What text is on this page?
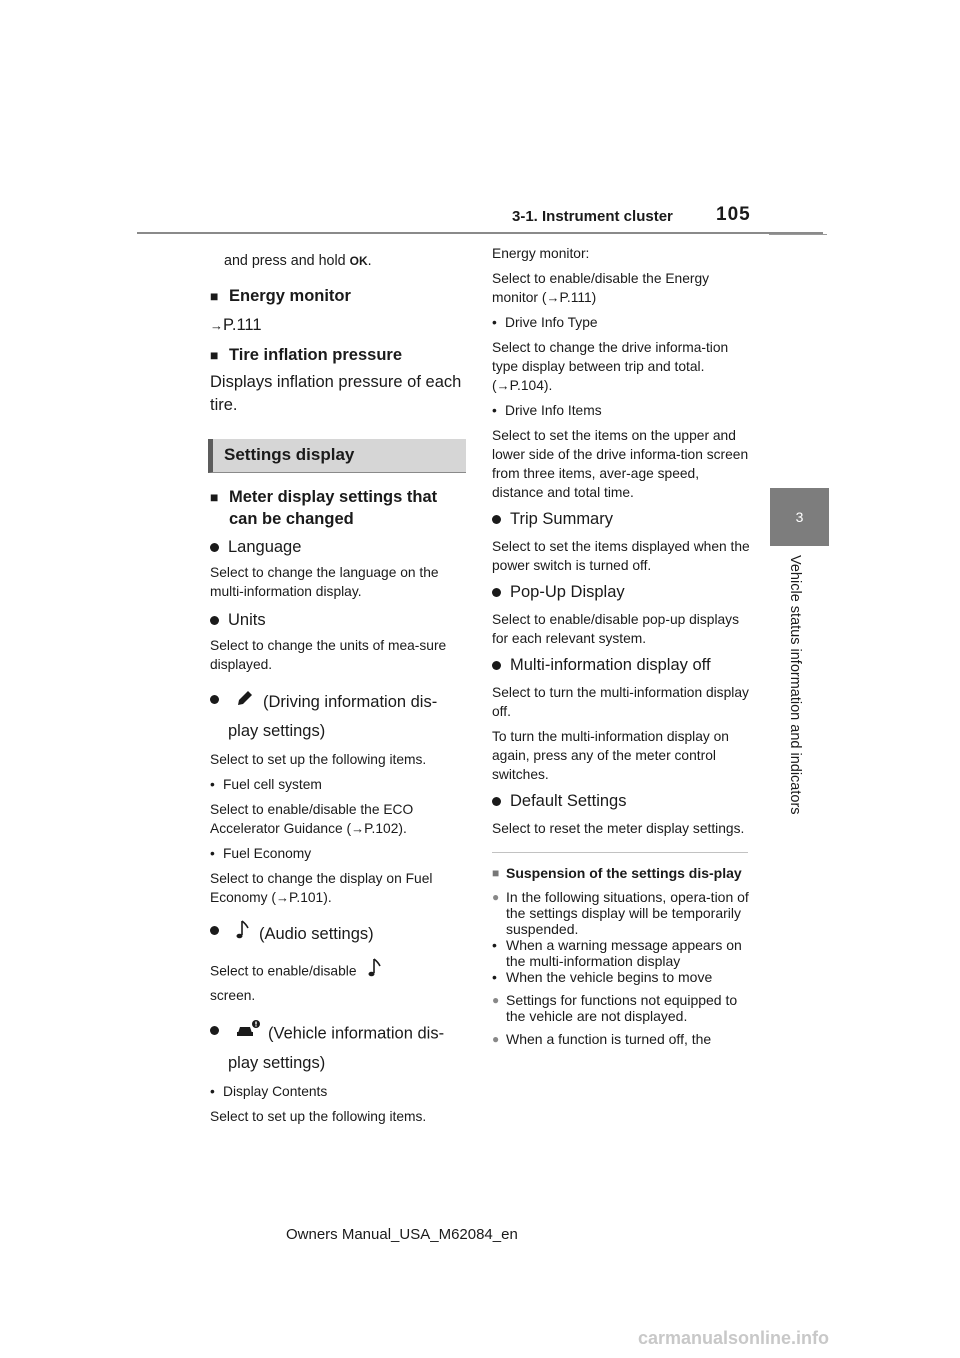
3-1. Instrument cluster 105
3
Vehicle status information and indicators

and press and hold OK.

■ Energy monitor

→P.111

■ Tire inflation pressure

Displays inflation pressure of each tire.

Settings display

■ Meter display settings that can be changed

Language

Select to change the language on the multi-information display.

Units

Select to change the units of mea-sure displayed.

(Driving information dis-

play settings)

Select to set up the following items.

• Fuel cell system

Select to enable/disable the ECO Accelerator Guidance (→P.102).

• Fuel Economy

Select to change the display on Fuel Economy (→P.101).

(Audio settings)

Select to enable/disable

screen.

(Vehicle information dis-

play settings)

• Display Contents

Select to set up the following items.

Energy monitor:

Select to enable/disable the Energy monitor (→P.111)

• Drive Info Type

Select to change the drive informa-tion type display between trip and total. (→P.104).

• Drive Info Items

Select to set the items on the upper and lower side of the drive informa-tion screen from three items, aver-age speed, distance and total time.

Trip Summary

Select to set the items displayed when the power switch is turned off.

Pop-Up Display

Select to enable/disable pop-up displays for each relevant system.

Multi-information display off

Select to turn the multi-information display off.

To turn the multi-information display on again, press any of the meter control switches.

Default Settings

Select to reset the meter display settings.

■ Suspension of the settings dis-play

● In the following situations, opera-tion of the settings display will be temporarily suspended.

• When a warning message appears on the multi-information display

• When the vehicle begins to move

● Settings for functions not equipped to the vehicle are not displayed.

● When a function is turned off, the

Owners Manual_USA_M62084_en
carmanualsonline.info
